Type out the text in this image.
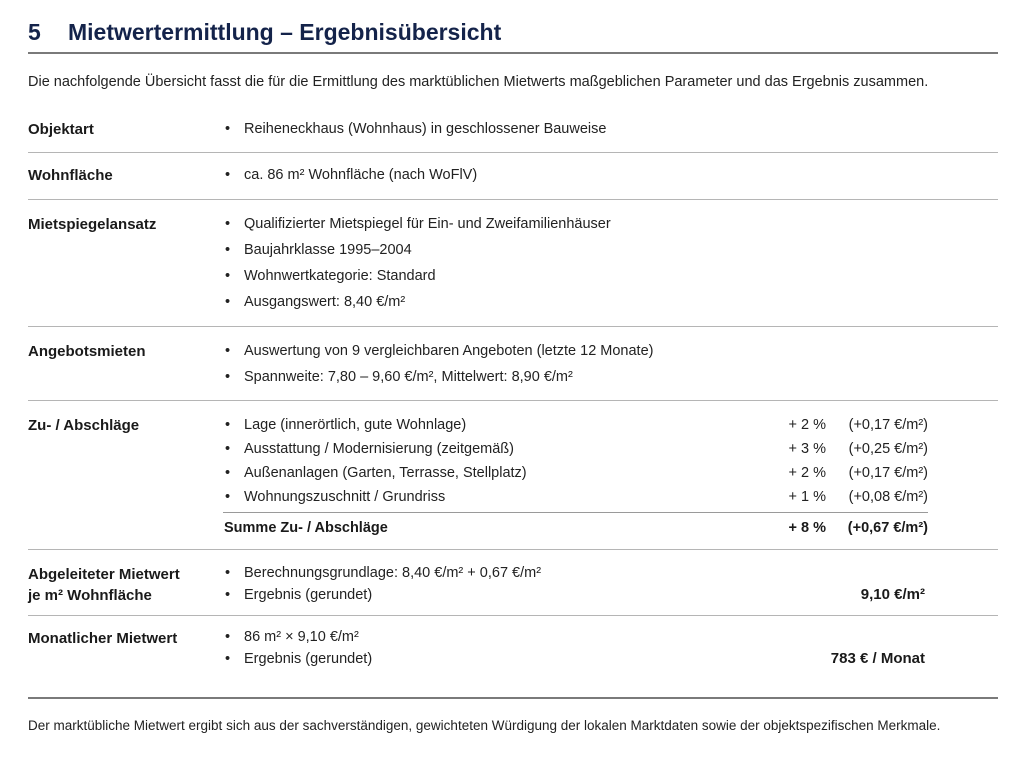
5	Mietwertermittlung – Ergebnisübersicht
Die nachfolgende Übersicht fasst die für die Ermittlung des marktüblichen Mietwerts maßgeblichen Parameter und das Ergebnis zusammen.
Objektart	• Reiheneckhaus (Wohnhaus) in geschlossener Bauweise
Wohnfläche	• ca. 86 m² Wohnfläche (nach WoFlV)
Mietspiegelansatz	• Qualifizierter Mietspiegel für Ein- und Zweifamilienhäuser
• Baujahrklasse 1995–2004
• Wohnwertkategorie: Standard
• Ausgangswert: 8,40 €/m²
Angebotsmieten	• Auswertung von 9 vergleichbaren Angeboten (letzte 12 Monate)
• Spannweite: 7,80 – 9,60 €/m², Mittelwert: 8,90 €/m²
Zu- / Abschläge	• Lage (innerörtlich, gute Wohnlage)	+ 2 %	(+0,17 €/m²)
• Ausstattung / Modernisierung (zeitgemäß)	+ 3 %	(+0,25 €/m²)
• Außenanlagen (Garten, Terrasse, Stellplatz)	+ 2 %	(+0,17 €/m²)
• Wohnungszuschnitt / Grundriss	+ 1 %	(+0,08 €/m²)
Summe Zu- / Abschläge	+ 8 %	(+0,67 €/m²)
Abgeleiteter Mietwert
je m² Wohnfläche
• Berechnungsgrundlage: 8,40 €/m² + 0,67 €/m²
• Ergebnis (gerundet)	9,10 €/m²
Monatlicher Mietwert	• 86 m² × 9,10 €/m²
• Ergebnis (gerundet)	783 € / Monat
Der marktübliche Mietwert ergibt sich aus der sachverständigen, gewichteten Würdigung der lokalen Marktdaten sowie der objektspezifischen Merkmale.
